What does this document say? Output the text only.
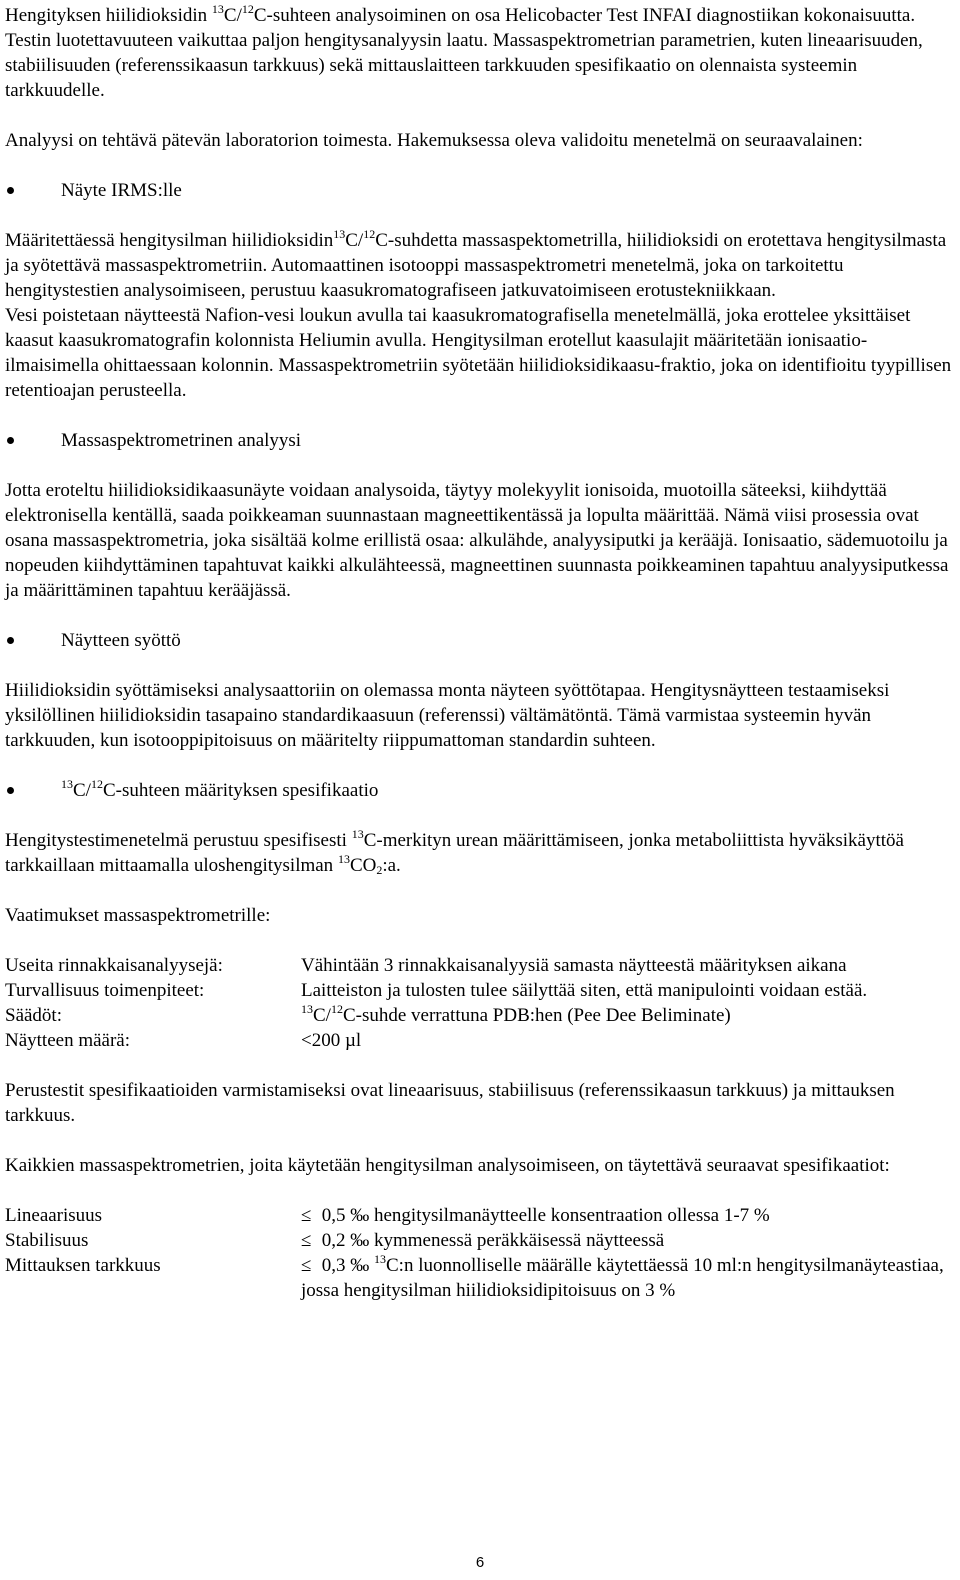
Hengityksen hiilidioksidin $^{13}$C/$^{12}$C-suhteen analysoiminen on osa Helicobacter Test INFAI diagnostiikan kokonaisuutta. Testin luotettavuuteen vaikuttaa paljon hengitysanalyysin laatu. Massaspektrometrian parametrien, kuten lineaarisuuden, stabiilisuuden (referenssikaasun tarkkuus) sekä mittauslaitteen tarkkuuden spesifikaatio on olennaista systeemin tarkkuudelle.

Analyysi on tehtävä pätevän laboratorion toimesta. Hakemuksessa oleva validoitu menetelmä on seuraavalainen:

Näyte IRMS:lle

Määritettäessä hengitysilman hiilidioksidin$^{13}$C/$^{12}$C-suhdetta massaspektometrilla, hiilidioksidi on erotettava hengitysilmasta ja syötettävä massaspektrometriin. Automaattinen isotooppi massaspektrometri menetelmä, joka on tarkoitettu hengitystestien analysoimiseen, perustuu kaasukromatografiseen jatkuvatoimiseen erotustekniikkaan.

Vesi poistetaan näytteestä Nafion-vesi loukun avulla tai kaasukromatografisella menetelmällä, joka erottelee yksittäiset kaasut kaasukromatografin kolonnista Heliumin avulla. Hengitysilman erotellut kaasulajit määritetään ionisaatio-ilmaisimella ohittaessaan kolonnin. Massaspektrometriin syötetään hiilidioksidikaasu-fraktio, joka on identifioitu tyypillisen retentioajan perusteella.

Massaspektrometrinen analyysi

Jotta eroteltu hiilidioksidikaasunäyte voidaan analysoida, täytyy molekyylit ionisoida, muotoilla säteeksi, kiihdyttää elektronisella kentällä, saada poikkeaman suunnastaan magneettikentässä ja lopulta määrittää. Nämä viisi prosessia ovat osana massaspektrometria, joka sisältää kolme erillistä osaa: alkulähde, analyysiputki ja kerääjä. Ionisaatio, sädemuotoilu ja nopeuden kiihdyttäminen tapahtuvat kaikki alkulähteessä, magneettinen suunnasta poikkeaminen tapahtuu analyysiputkessa ja määrittäminen tapahtuu kerääjässä.

Näytteen syöttö

Hiilidioksidin syöttämiseksi analysaattoriin on olemassa monta näyteen syöttötapaa. Hengitysnäytteen testaamiseksi yksilöllinen hiilidioksidin tasapaino standardikaasuun (referenssi) vältämätöntä. Tämä varmistaa systeemin hyvän tarkkuuden, kun isotooppipitoisuus on määritelty riippumattoman standardin suhteen.

$^{13}$C/$^{12}$C-suhteen määrityksen spesifikaatio

Hengitystestimenetelmä perustuu spesifisesti $^{13}$C-merkityn urean määrittämiseen, jonka metaboliittista hyväksikäyttöä tarkkaillaan mittaamalla uloshengitysilman $^{13}CO_2:a$.

Vaatimukset massaspektrometrille:

Useita rinnakkaisanalyysejä:	Vähintään 3 rinnakkaisanalyysiä samasta näytteestä määrityksen aikana
Turvallisuus toimenpiteet:	Laitteiston ja tulosten tulee säilyttää siten, että manipulointi voidaan estää.
Säädöt:	$^{13}$C/$^{12}$C-suhde verrattuna PDB:hen (Pee Dee Beliminate)
Näytteen määrä:	<200 µl

Perustestit spesifikaatioiden varmistamiseksi ovat lineaarisuus, stabiilisuus (referenssikaasun tarkkuus) ja mittauksen tarkkuus.

Kaikkien massaspektrometrien, joita käytetään hengitysilman analysoimiseen, on täytettävä seuraavat spesifikaatiot:

Lineaarisuus	≤ 0,5 ‰ hengitysilmanäytteelle konsentraation ollessa 1-7 %
Stabilisuus	≤ 0,2 ‰ kymmenessä peräkkäisessä näytteessä
Mittauksen tarkkuus	≤ 0,3 ‰ $^{13}$C:n luonnolliselle määrälle käytettäessä 10 ml:n hengitysilmanäyteastiaa, jossa hengitysilman hiilidioksidipitoisuus on 3 %
6
